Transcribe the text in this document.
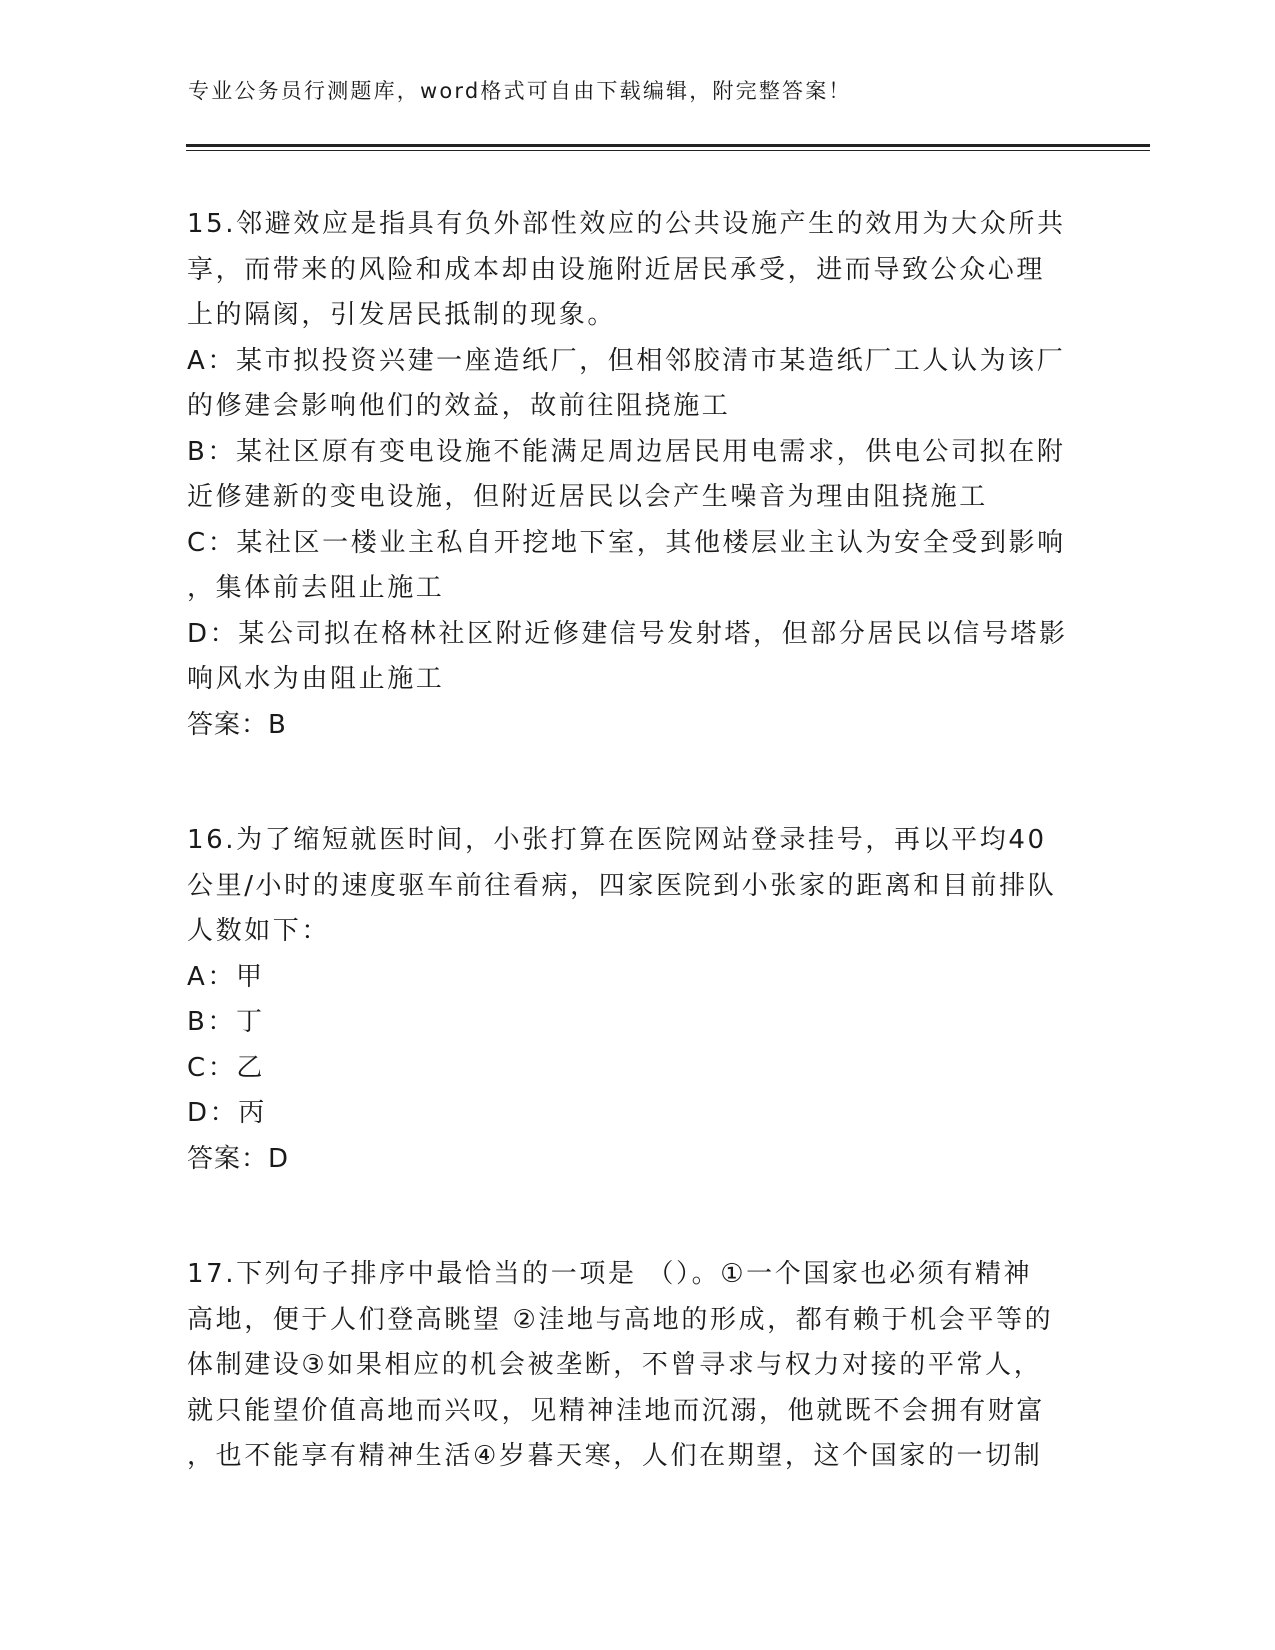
专业公务员行测题库，word格式可自由下载编辑，附完整答案！

15.邻避效应是指具有负外部性效应的公共设施产生的效用为大众所共

享，而带来的风险和成本却由设施附近居民承受，进而导致公众心理

上的隔阂，引发居民抵制的现象。

A：某市拟投资兴建一座造纸厂，但相邻胶清市某造纸厂工人认为该厂

的修建会影响他们的效益，故前往阻挠施工

B：某社区原有变电设施不能满足周边居民用电需求，供电公司拟在附

近修建新的变电设施，但附近居民以会产生噪音为理由阻挠施工

C：某社区一楼业主私自开挖地下室，其他楼层业主认为安全受到影响

，集体前去阻止施工

D：某公司拟在格林社区附近修建信号发射塔，但部分居民以信号塔影

响风水为由阻止施工

答案：B

16.为了缩短就医时间，小张打算在医院网站登录挂号，再以平均40

公里/小时的速度驱车前往看病，四家医院到小张家的距离和目前排队

人数如下：

A：甲

B：丁

C：乙

D：丙

答案：D

17.下列句子排序中最恰当的一项是 （）。①一个国家也必须有精神

高地，便于人们登高眺望 ②洼地与高地的形成，都有赖于机会平等的

体制建设③如果相应的机会被垄断，不曾寻求与权力对接的平常人，

就只能望价值高地而兴叹，见精神洼地而沉溺，他就既不会拥有财富

，也不能享有精神生活④岁暮天寒，人们在期望，这个国家的一切制
